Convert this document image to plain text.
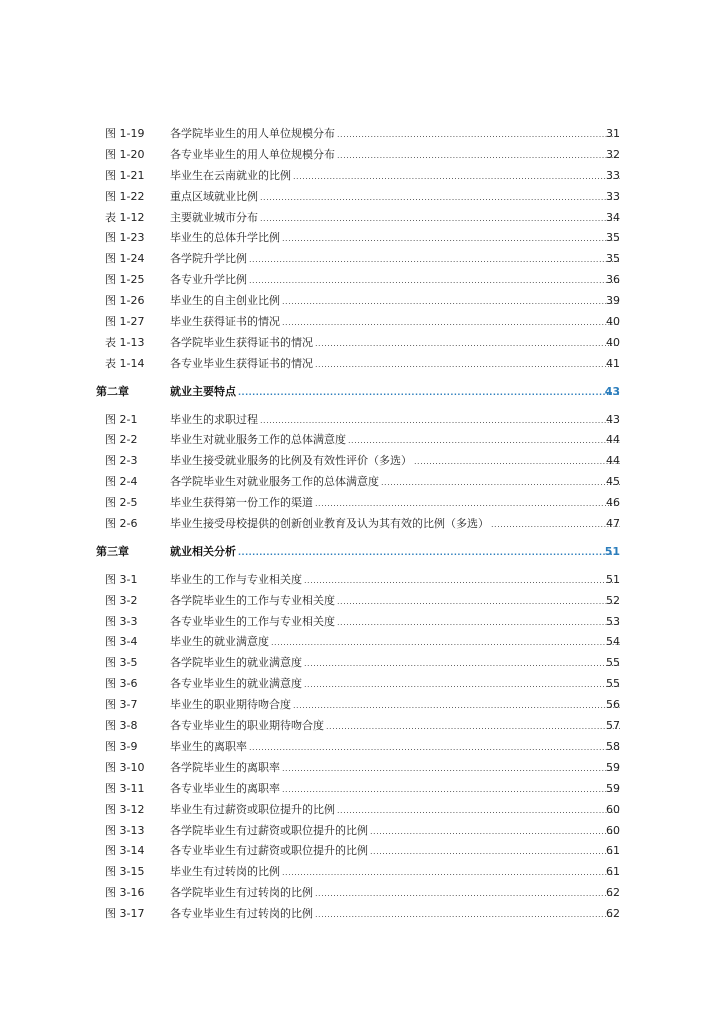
图 1-19 各学院毕业生的用人单位规模分布 .....	31
图 1-20 各专业毕业生的用人单位规模分布 .....	32
图 1-21 毕业生在云南就业的比例 .....	33
图 1-22 重点区域就业比例 .....	33
表 1-12 主要就业城市分布 .....	34
图 1-23 毕业生的总体升学比例 .....	35
图 1-24 各学院升学比例 .....	35
图 1-25 各专业升学比例 .....	36
图 1-26 毕业生的自主创业比例 .....	39
图 1-27 毕业生获得证书的情况 .....	40
表 1-13 各学院毕业生获得证书的情况 .....	40
表 1-14 各专业毕业生获得证书的情况 .....	41
第二章	就业主要特点 .....	43
图 2-1	毕业生的求职过程 .....	43
图 2-2	毕业生对就业服务工作的总体满意度 .....	44
图 2-3	毕业生接受就业服务的比例及有效性评价（多选） .....	44
图 2-4	各学院毕业生对就业服务工作的总体满意度 .....	45
图 2-5	毕业生获得第一份工作的渠道 .....	46
图 2-6	毕业生接受母校提供的创新创业教育及认为其有效的比例（多选） .....	47
第三章	就业相关分析 .....	51
图 3-1	毕业生的工作与专业相关度 .....	51
图 3-2	各学院毕业生的工作与专业相关度 .....	52
图 3-3	各专业毕业生的工作与专业相关度 .....	53
图 3-4	毕业生的就业满意度 .....	54
图 3-5	各学院毕业生的就业满意度 .....	55
图 3-6	各专业毕业生的就业满意度 .....	55
图 3-7	毕业生的职业期待吻合度 .....	56
图 3-8	各专业毕业生的职业期待吻合度 .....	57
图 3-9	毕业生的离职率 .....	58
图 3-10 各学院毕业生的离职率 .....	59
图 3-11 各专业毕业生的离职率 .....	59
图 3-12 毕业生有过薪资或职位提升的比例 .....	60
图 3-13 各学院毕业生有过薪资或职位提升的比例 .....	60
图 3-14 各专业毕业生有过薪资或职位提升的比例 .....	61
图 3-15 毕业生有过转岗的比例 .....	61
图 3-16 各学院毕业生有过转岗的比例 .....	62
图 3-17 各专业毕业生有过转岗的比例 .....	62
